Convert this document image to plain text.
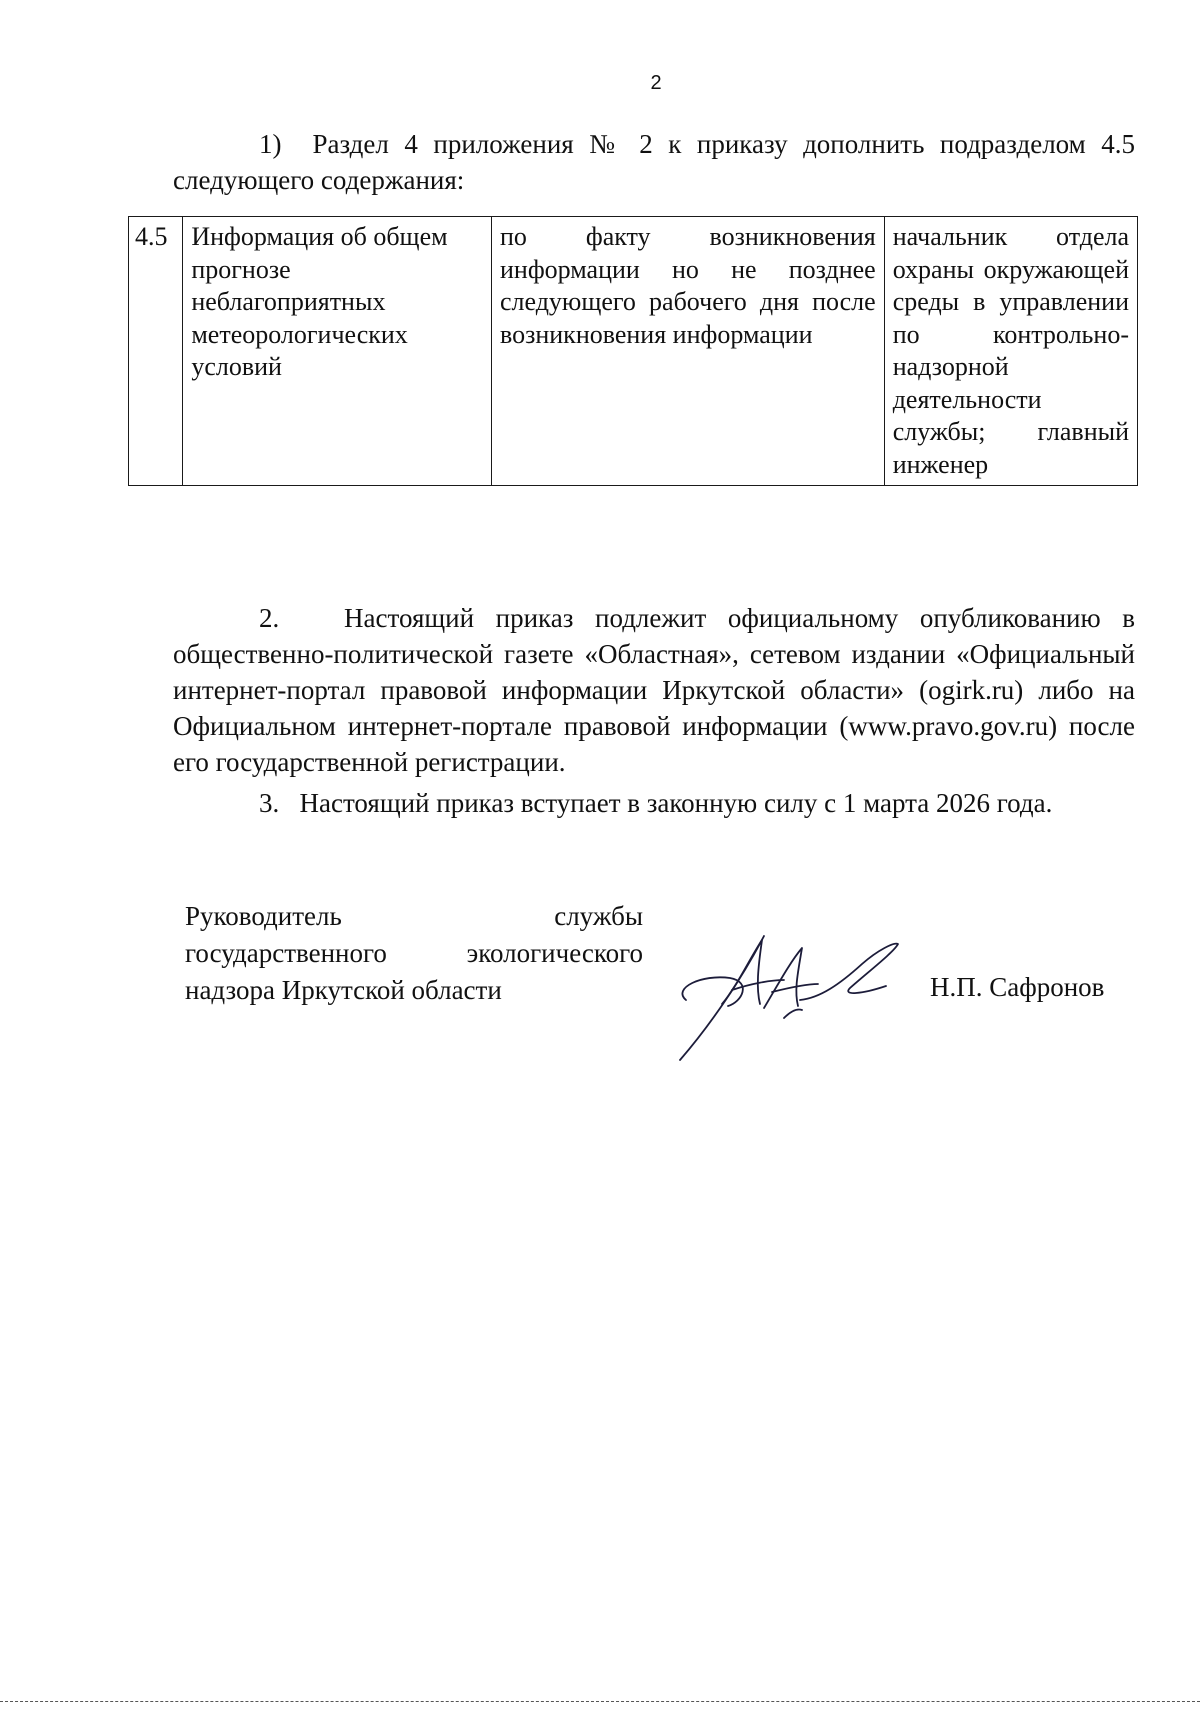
2

1)  Раздел 4 приложения № 2 к приказу дополнить подразделом 4.5 следующего содержания:

4.5	Информация об общем прогнозе неблагоприятных метеорологических условий	по факту возникновения информации но не позднее следующего рабочего дня после возникновения информации	начальник отдела охраны окружающей среды в управлении по контрольно-надзорной деятельности службы; главный инженер

2.   Настоящий приказ подлежит официальному опубликованию в общественно-политической газете «Областная», сетевом издании «Официальный интернет-портал правовой информации Иркутской области» (ogirk.ru) либо на Официальном интернет-портале правовой информации (www.pravo.gov.ru) после его государственной регистрации.

3.   Настоящий приказ вступает в законную силу с 1 марта 2026 года.

Руководитель службы
государственного экологического
надзора Иркутской области	Н.П. Сафронов
